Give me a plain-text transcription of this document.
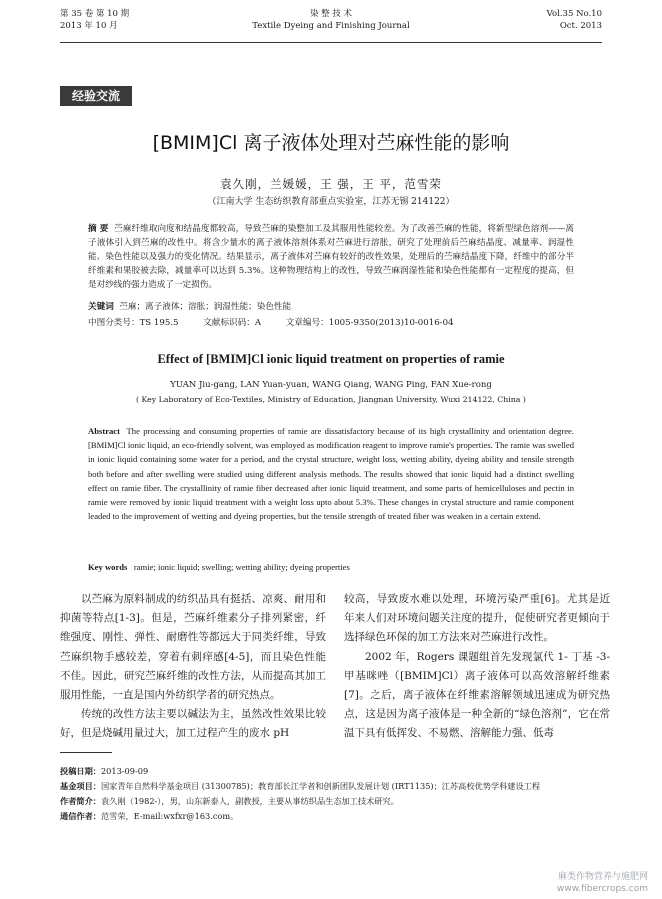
第 35 卷 第 10 期
2013 年 10 月
染 整 技 术
Textile Dyeing and Finishing Journal
Vol.35 No.10
Oct. 2013
经验交流
[BMIM]Cl 离子液体处理对苎麻性能的影响
袁久刚，兰媛媛，王 强，王 平，范雪荣
（江南大学 生态纺织教育部重点实验室，江苏无锡 214122）
摘 要 苎麻纤维取向度和结晶度都较高，导致苎麻的染整加工及其服用性能较差。为了改善苎麻的性能，将新型绿色溶剂——离子液体引入到苎麻的改性中。将含少量水的离子液体溶剂体系对苎麻进行溶胀，研究了处理前后苎麻结晶度、减量率、润湿性能、染色性能以及强力的变化情况。结果显示，离子液体对苎麻有较好的改性效果，处理后的苎麻结晶度下降，纤维中的部分半纤维素和果胶被去除，减量率可以达到 5.3%。这种物理结构上的改性，导致苎麻润湿性能和染色性能都有一定程度的提高，但是对纱线的强力造成了一定损伤。
关键词 苎麻；离子液体；溶胀；润湿性能；染色性能
中图分类号：TS 195.5	文献标识码：A	文章编号：1005-9350(2013)10-0016-04
Effect of [BMIM]Cl ionic liquid treatment on properties of ramie
YUAN Jiu-gang, LAN Yuan-yuan, WANG Qiang, WANG Ping, FAN Xue-rong
( Key Laboratory of Eco-Textiles, Ministry of Education, Jiangnan University, Wuxi 214122, China )
Abstract The processing and consuming properties of ramie are dissatisfactory because of its high crystallinity and orientation degree. [BMIM]Cl ionic liquid, an eco-friendly solvent, was employed as modification reagent to improve ramie's properties. The ramie was swelled in ionic liquid containing some water for a period, and the crystal structure, weight loss, wetting ability, dyeing ability and tensile strength both before and after swelling were studied using different analysis methods. The results showed that ionic liquid had a distinct swelling effect on ramie fiber. The crystallinity of ramie fiber decreased after ionic liquid treatment, and some parts of hemicelluloses and pectin in ramie were removed by ionic liquid treatment with a weight loss upto about 5.3%. These changes in crystal structure and ramie component leaded to the improvement of wetting and dyeing properties, but the tensile strength of treated fiber was weaken in a certain extend.
Key words ramie; ionic liquid; swelling; wetting ability; dyeing properties

以苎麻为原料制成的纺织品具有挺括、凉爽、耐用和抑菌等特点[1-3]。但是，苎麻纤维素分子排列紧密，纤维强度、刚性、弹性、耐磨性等都远大于同类纤维，导致苎麻织物手感较差，穿着有刺痒感[4-5]，而且染色性能不佳。因此，研究苎麻纤维的改性方法，从而提高其加工服用性能，一直是国内外纺织学者的研究热点。

传统的改性方法主要以碱法为主，虽然改性效果比较好，但是烧碱用量过大，加工过程产生的废水 pH

较高，导致废水难以处理，环境污染严重[6]。尤其是近年来人们对环境问题关注度的提升，促使研究者更倾向于选择绿色环保的加工方法来对苎麻进行改性。

2002 年，Rogers 课题组首先发现氯代 1- 丁基 -3- 甲基咪唑（[BMIM]Cl）离子液体可以高效溶解纤维素[7]。之后，离子液体在纤维素溶解领域迅速成为研究热点，这是因为离子液体是一种全新的“绿色溶剂”，它在常温下具有低挥发、不易燃、溶解能力强、低毒

投稿日期： 2013-09-09
基金项目： 国家青年自然科学基金项目 (31300785)；教育部长江学者和创新团队发展计划 (IRT1135)；江苏高校优势学科建设工程
作者简介： 袁久刚（1982-），男，山东新泰人，副教授，主要从事纺织品生态加工技术研究。
通信作者： 范雪荣，E-mail:wxfxr@163.com。
麻类作物营养与施肥网
www.fibercrops.com
